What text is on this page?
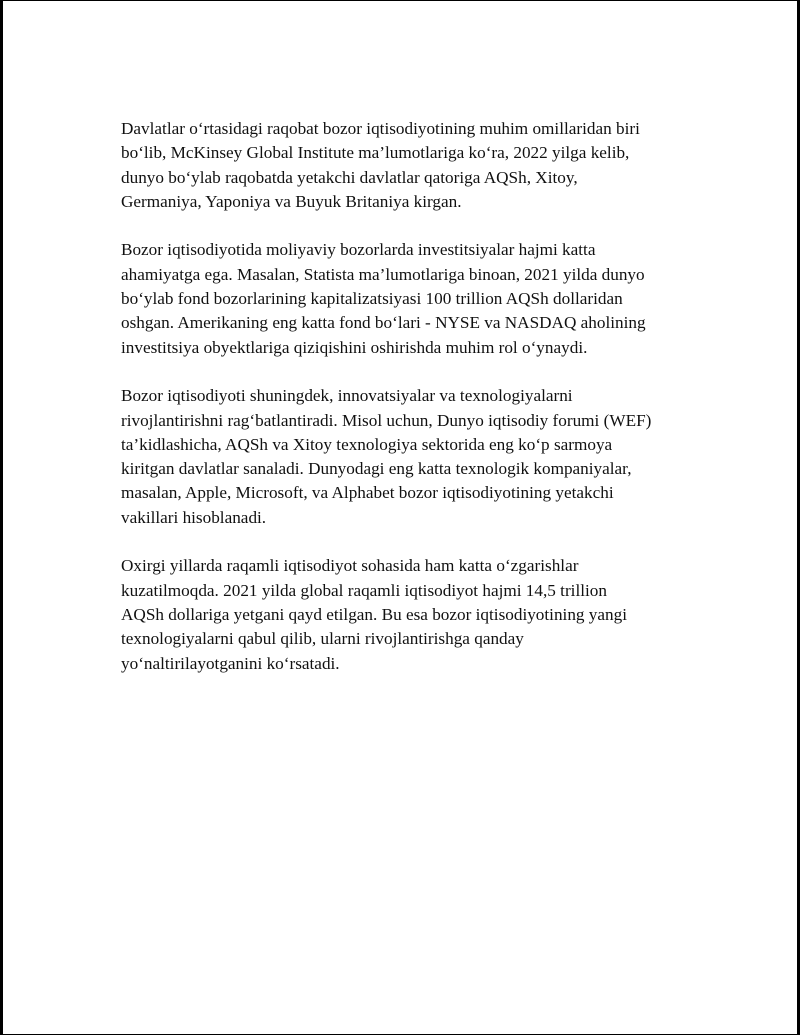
Davlatlar o‘rtasidagi raqobat bozor iqtisodiyotining muhim omillaridan biri
bo‘lib, McKinsey Global Institute ma’lumotlariga ko‘ra, 2022 yilga kelib,
dunyo bo‘ylab raqobatda yetakchi davlatlar qatoriga AQSh, Xitoy,
Germaniya, Yaponiya va Buyuk Britaniya kirgan.

Bozor iqtisodiyotida moliyaviy bozorlarda investitsiyalar hajmi katta
ahamiyatga ega. Masalan, Statista ma’lumotlariga binoan, 2021 yilda dunyo
bo‘ylab fond bozorlarining kapitalizatsiyasi 100 trillion AQSh dollaridan
oshgan. Amerikaning eng katta fond bo‘lari - NYSE va NASDAQ aholining
investitsiya obyektlariga qiziqishini oshirishda muhim rol o‘ynaydi.

Bozor iqtisodiyoti shuningdek, innovatsiyalar va texnologiyalarni
rivojlantirishni rag‘batlantiradi. Misol uchun, Dunyo iqtisodiy forumi (WEF)
ta’kidlashicha, AQSh va Xitoy texnologiya sektorida eng ko‘p sarmoya
kiritgan davlatlar sanaladi. Dunyodagi eng katta texnologik kompaniyalar,
masalan, Apple, Microsoft, va Alphabet bozor iqtisodiyotining yetakchi
vakillari hisoblanadi.

Oxirgi yillarda raqamli iqtisodiyot sohasida ham katta o‘zgarishlar
kuzatilmoqda. 2021 yilda global raqamli iqtisodiyot hajmi 14,5 trillion
AQSh dollariga yetgani qayd etilgan. Bu esa bozor iqtisodiyotining yangi
texnologiyalarni qabul qilib, ularni rivojlantirishga qanday
yo‘naltirilayotganini ko‘rsatadi.
